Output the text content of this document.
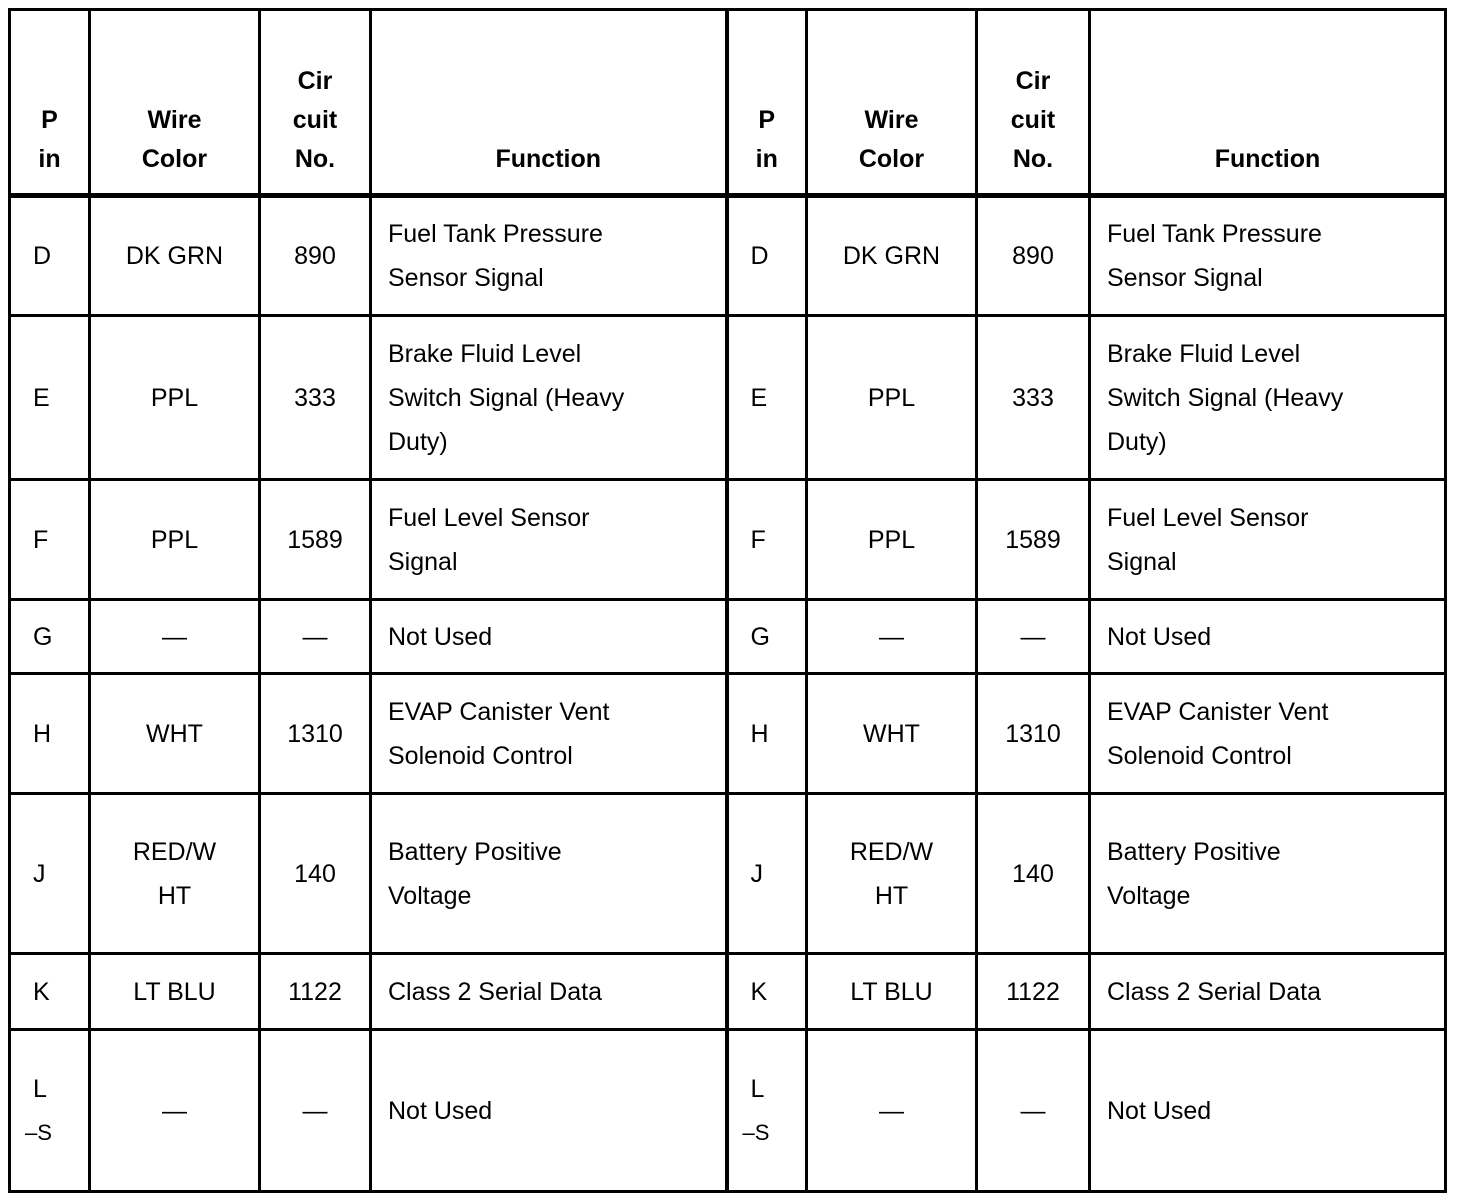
P
in	Wire
Color	Cir
cuit
No.	Function	P
in	Wire
Color	Cir
cuit
No.	Function
D	DK GRN	890	Fuel Tank Pressure
Sensor Signal	D	DK GRN	890	Fuel Tank Pressure
Sensor Signal

E	PPL	333	Brake Fluid Level
Switch Signal (Heavy
Duty)	E	PPL	333	Brake Fluid Level
Switch Signal (Heavy
Duty)

F	PPL	1589	Fuel Level Sensor
Signal	F	PPL	1589	Fuel Level Sensor
Signal

G	—	—	Not Used	G	—	—	Not Used

H	WHT	1310	EVAP Canister Vent
Solenoid Control	H	WHT	1310	EVAP Canister Vent
Solenoid Control

J	RED/W
HT	140	Battery Positive
Voltage	J	RED/W
HT	140	Battery Positive
Voltage

K	LT BLU	1122	Class 2 Serial Data	K	LT BLU	1122	Class 2 Serial Data

L
–S	—	—	Not Used	L
–S	—	—	Not Used
